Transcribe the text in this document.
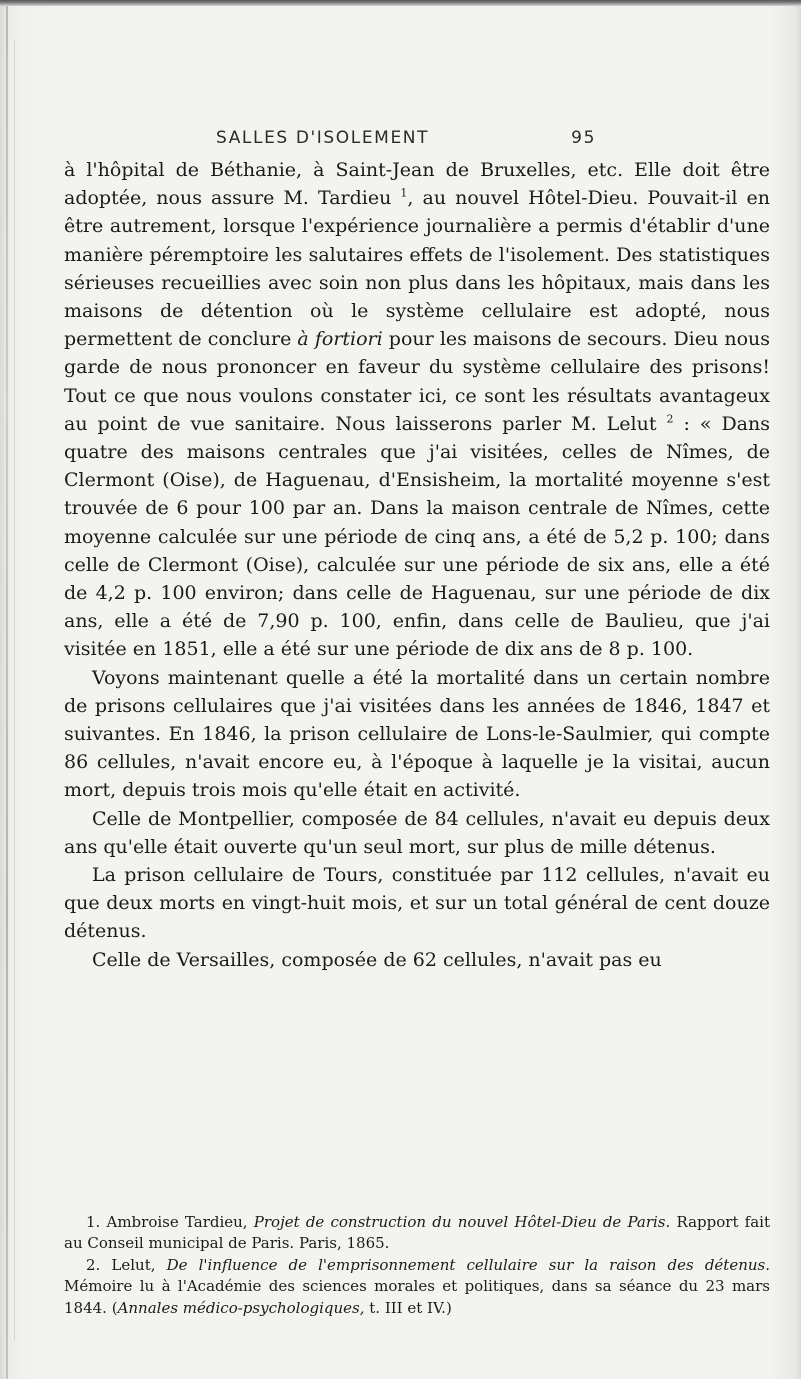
SALLES D'ISOLEMENT	95

à l'hôpital de Béthanie, à Saint-Jean de Bruxelles, etc. Elle doit être adoptée, nous assure M. Tardieu $^1$, au nouvel Hôtel-Dieu. Pouvait-il en être autrement, lorsque l'expérience journalière a permis d'établir d'une manière péremptoire les salutaires effets de l'isolement. Des statistiques sérieuses recueillies avec soin non plus dans les hôpitaux, mais dans les maisons de détention où le système cellulaire est adopté, nous permettent de conclure à fortiori pour les maisons de secours. Dieu nous garde de nous prononcer en faveur du système cellulaire des prisons! Tout ce que nous voulons constater ici, ce sont les résultats avantageux au point de vue sanitaire. Nous laisserons parler M. Lelut $^2$ : « Dans quatre des maisons centrales que j'ai visitées, celles de Nîmes, de Clermont (Oise), de Haguenau, d'Ensisheim, la mortalité moyenne s'est trouvée de 6 pour 100 par an. Dans la maison centrale de Nîmes, cette moyenne calculée sur une période de cinq ans, a été de 5,2 p. 100; dans celle de Clermont (Oise), calculée sur une période de six ans, elle a été de 4,2 p. 100 environ; dans celle de Haguenau, sur une période de dix ans, elle a été de 7,90 p. 100, enfin, dans celle de Baulieu, que j'ai visitée en 1851, elle a été sur une période de dix ans de 8 p. 100.

Voyons maintenant quelle a été la mortalité dans un certain nombre de prisons cellulaires que j'ai visitées dans les années de 1846, 1847 et suivantes. En 1846, la prison cellulaire de Lons-le-Saulmier, qui compte 86 cellules, n'avait encore eu, à l'époque à laquelle je la visitai, aucun mort, depuis trois mois qu'elle était en activité.

Celle de Montpellier, composée de 84 cellules, n'avait eu depuis deux ans qu'elle était ouverte qu'un seul mort, sur plus de mille détenus.

La prison cellulaire de Tours, constituée par 112 cellules, n'avait eu que deux morts en vingt-huit mois, et sur un total général de cent douze détenus.

Celle de Versailles, composée de 62 cellules, n'avait pas eu

1. Ambroise Tardieu, Projet de construction du nouvel Hôtel-Dieu de Paris. Rapport fait au Conseil municipal de Paris. Paris, 1865.

2. Lelut, De l'influence de l'emprisonnement cellulaire sur la raison des détenus. Mémoire lu à l'Académie des sciences morales et politiques, dans sa séance du 23 mars 1844. (Annales médico-psychologiques, t. III et IV.)
